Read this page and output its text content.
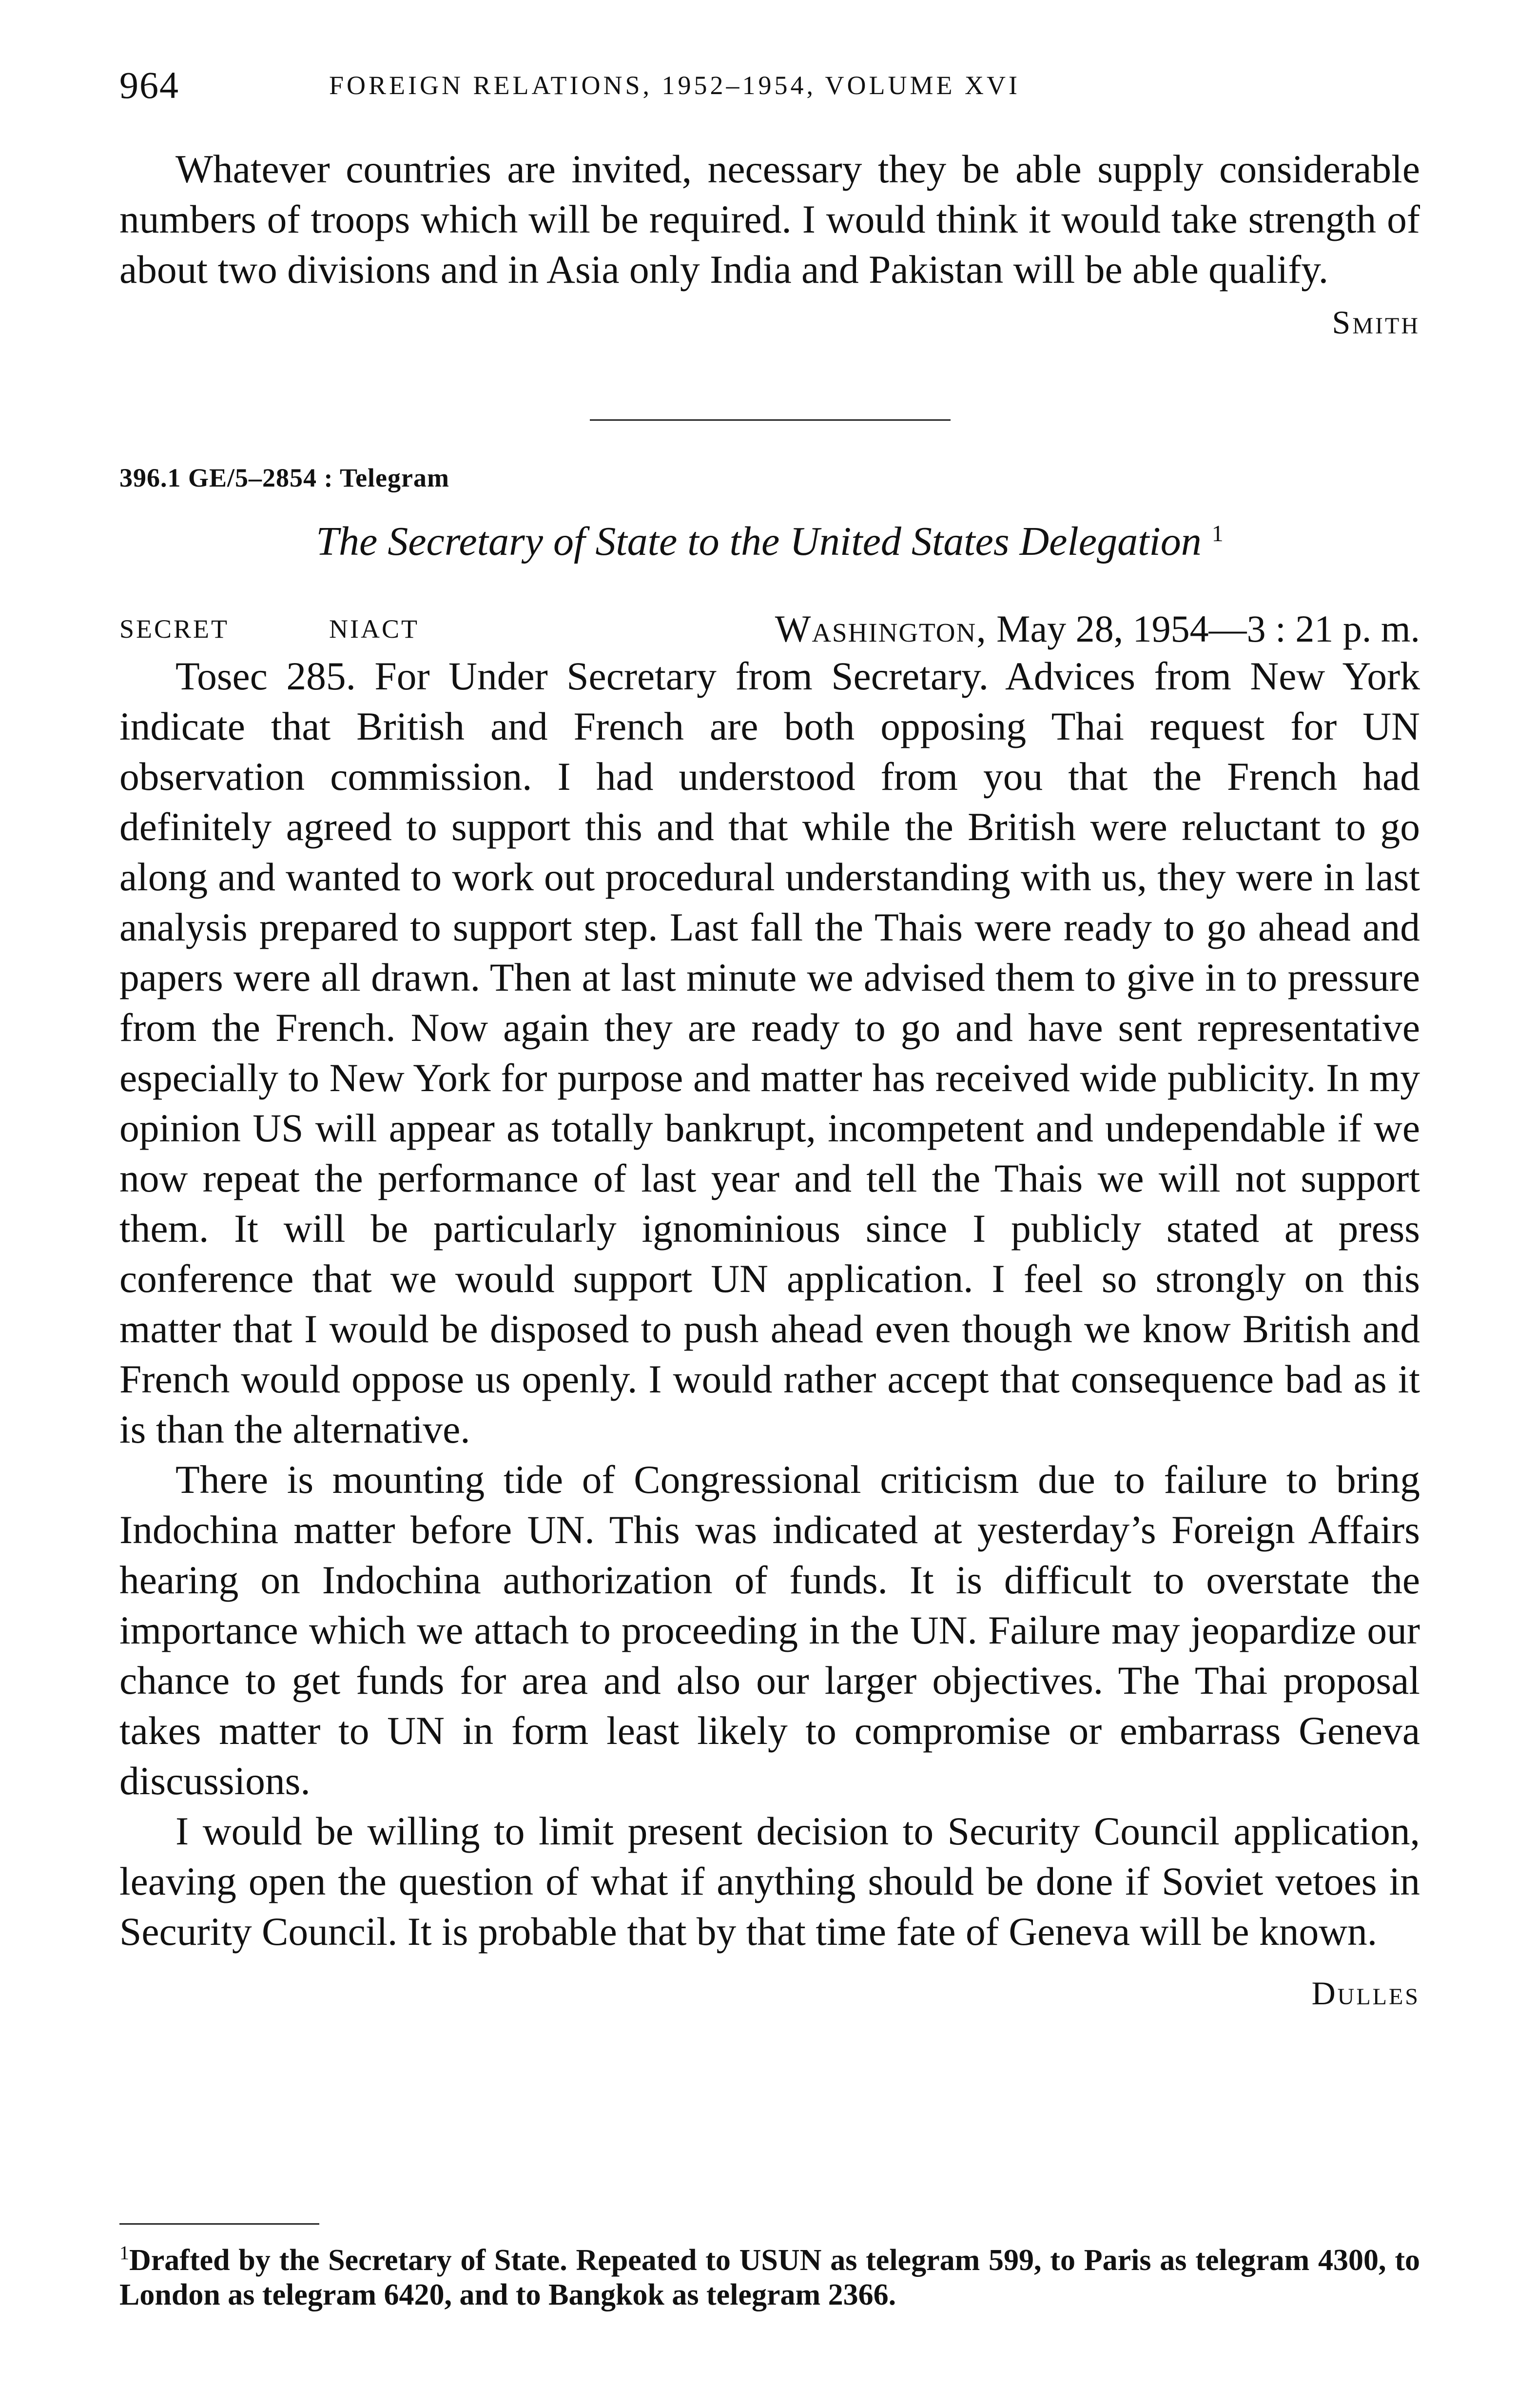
964	FOREIGN RELATIONS, 1952–1954, VOLUME XVI

Whatever countries are invited, necessary they be able supply considerable numbers of troops which will be required. I would think it would take strength of about two divisions and in Asia only India and Pakistan will be able qualify.

Smith

396.1 GE/5–2854 : Telegram
The Secretary of State to the United States Delegation $^1$
SECRET	NIACT	Washington, May 28, 1954—3 : 21 p. m.

Tosec 285. For Under Secretary from Secretary. Advices from New York indicate that British and French are both opposing Thai request for UN observation commission. I had understood from you that the French had definitely agreed to support this and that while the British were reluctant to go along and wanted to work out procedural understanding with us, they were in last analysis prepared to support step. Last fall the Thais were ready to go ahead and papers were all drawn. Then at last minute we advised them to give in to pressure from the French. Now again they are ready to go and have sent representative especially to New York for purpose and matter has received wide publicity. In my opinion US will appear as totally bankrupt, incompetent and undependable if we now repeat the performance of last year and tell the Thais we will not support them. It will be particularly ignominious since I publicly stated at press conference that we would support UN application. I feel so strongly on this matter that I would be disposed to push ahead even though we know British and French would oppose us openly. I would rather accept that consequence bad as it is than the alternative.

There is mounting tide of Congressional criticism due to failure to bring Indochina matter before UN. This was indicated at yesterday’s Foreign Affairs hearing on Indochina authorization of funds. It is difficult to overstate the importance which we attach to proceeding in the UN. Failure may jeopardize our chance to get funds for area and also our larger objectives. The Thai proposal takes matter to UN in form least likely to compromise or embarrass Geneva discussions.

I would be willing to limit present decision to Security Council application, leaving open the question of what if anything should be done if Soviet vetoes in Security Council. It is probable that by that time fate of Geneva will be known.

Dulles

$^1$Drafted by the Secretary of State. Repeated to USUN as telegram 599, to Paris as telegram 4300, to London as telegram 6420, and to Bangkok as telegram 2366.
